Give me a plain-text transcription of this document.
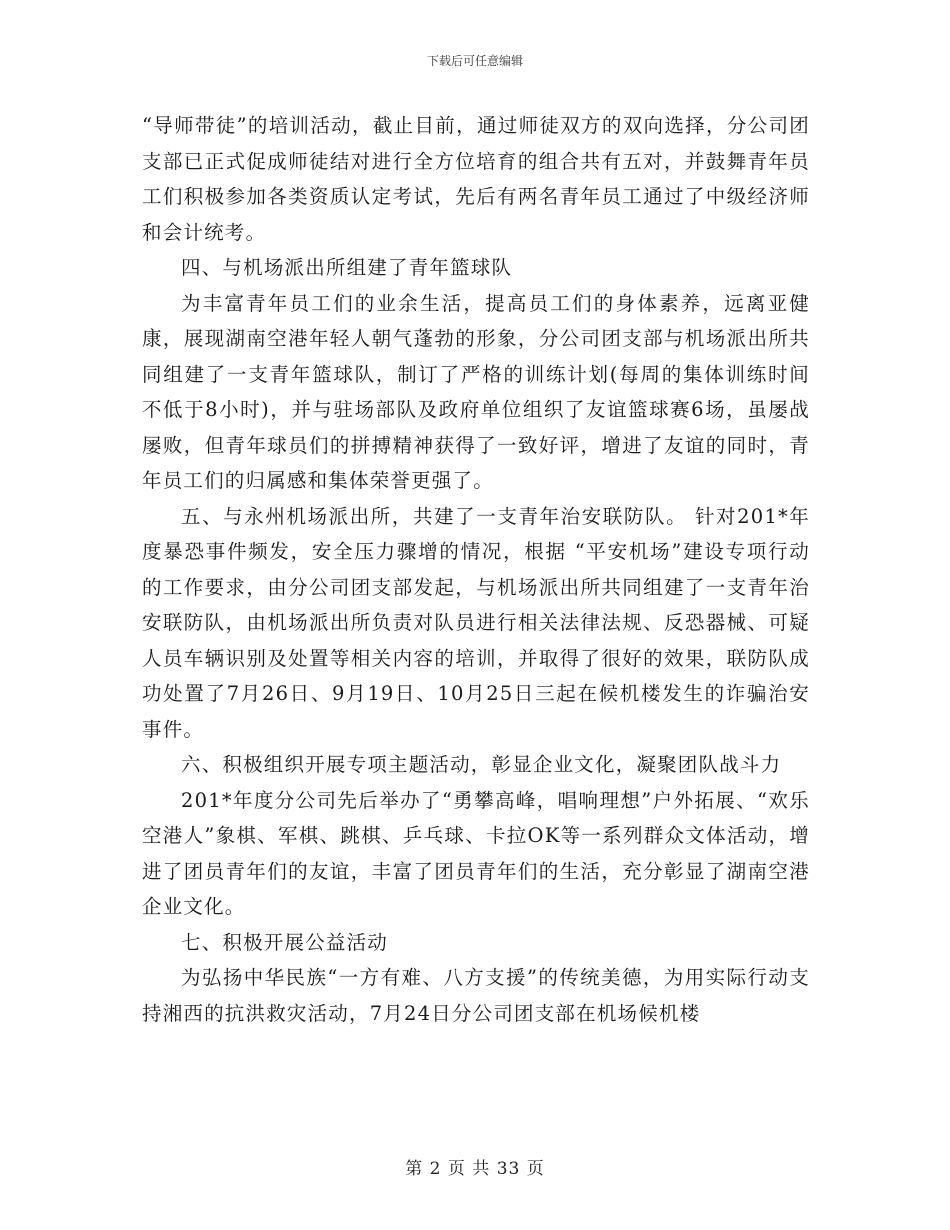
下载后可任意编辑

“导师带徒”的培训活动，截止目前，通过师徒双方的双向选择，分公司团支部已正式促成师徒结对进行全方位培育的组合共有五对，并鼓舞青年员工们积极参加各类资质认定考试，先后有两名青年员工通过了中级经济师和会计统考。

四、与机场派出所组建了青年篮球队

为丰富青年员工们的业余生活，提高员工们的身体素养，远离亚健康，展现湖南空港年轻人朝气蓬勃的形象，分公司团支部与机场派出所共同组建了一支青年篮球队，制订了严格的训练计划(每周的集体训练时间不低于8小时)，并与驻场部队及政府单位组织了友谊篮球赛6场，虽屡战屡败，但青年球员们的拼搏精神获得了一致好评，增进了友谊的同时，青年员工们的归属感和集体荣誉更强了。

五、与永州机场派出所，共建了一支青年治安联防队。 针对201*年度暴恐事件频发，安全压力骤增的情况，根据 “平安机场”建设专项行动的工作要求，由分公司团支部发起，与机场派出所共同组建了一支青年治安联防队，由机场派出所负责对队员进行相关法律法规、反恐器械、可疑人员车辆识别及处置等相关内容的培训，并取得了很好的效果，联防队成功处置了7月26日、9月19日、10月25日三起在候机楼发生的诈骗治安事件。

六、积极组织开展专项主题活动，彰显企业文化，凝聚团队战斗力

201*年度分公司先后举办了“勇攀高峰，唱响理想”户外拓展、“欢乐空港人”象棋、军棋、跳棋、乒乓球、卡拉OK等一系列群众文体活动，增进了团员青年们的友谊，丰富了团员青年们的生活，充分彰显了湖南空港企业文化。

七、积极开展公益活动

为弘扬中华民族“一方有难、八方支援”的传统美德，为用实际行动支持湘西的抗洪救灾活动，7月24日分公司团支部在机场候机楼

第 2 页 共 33 页
